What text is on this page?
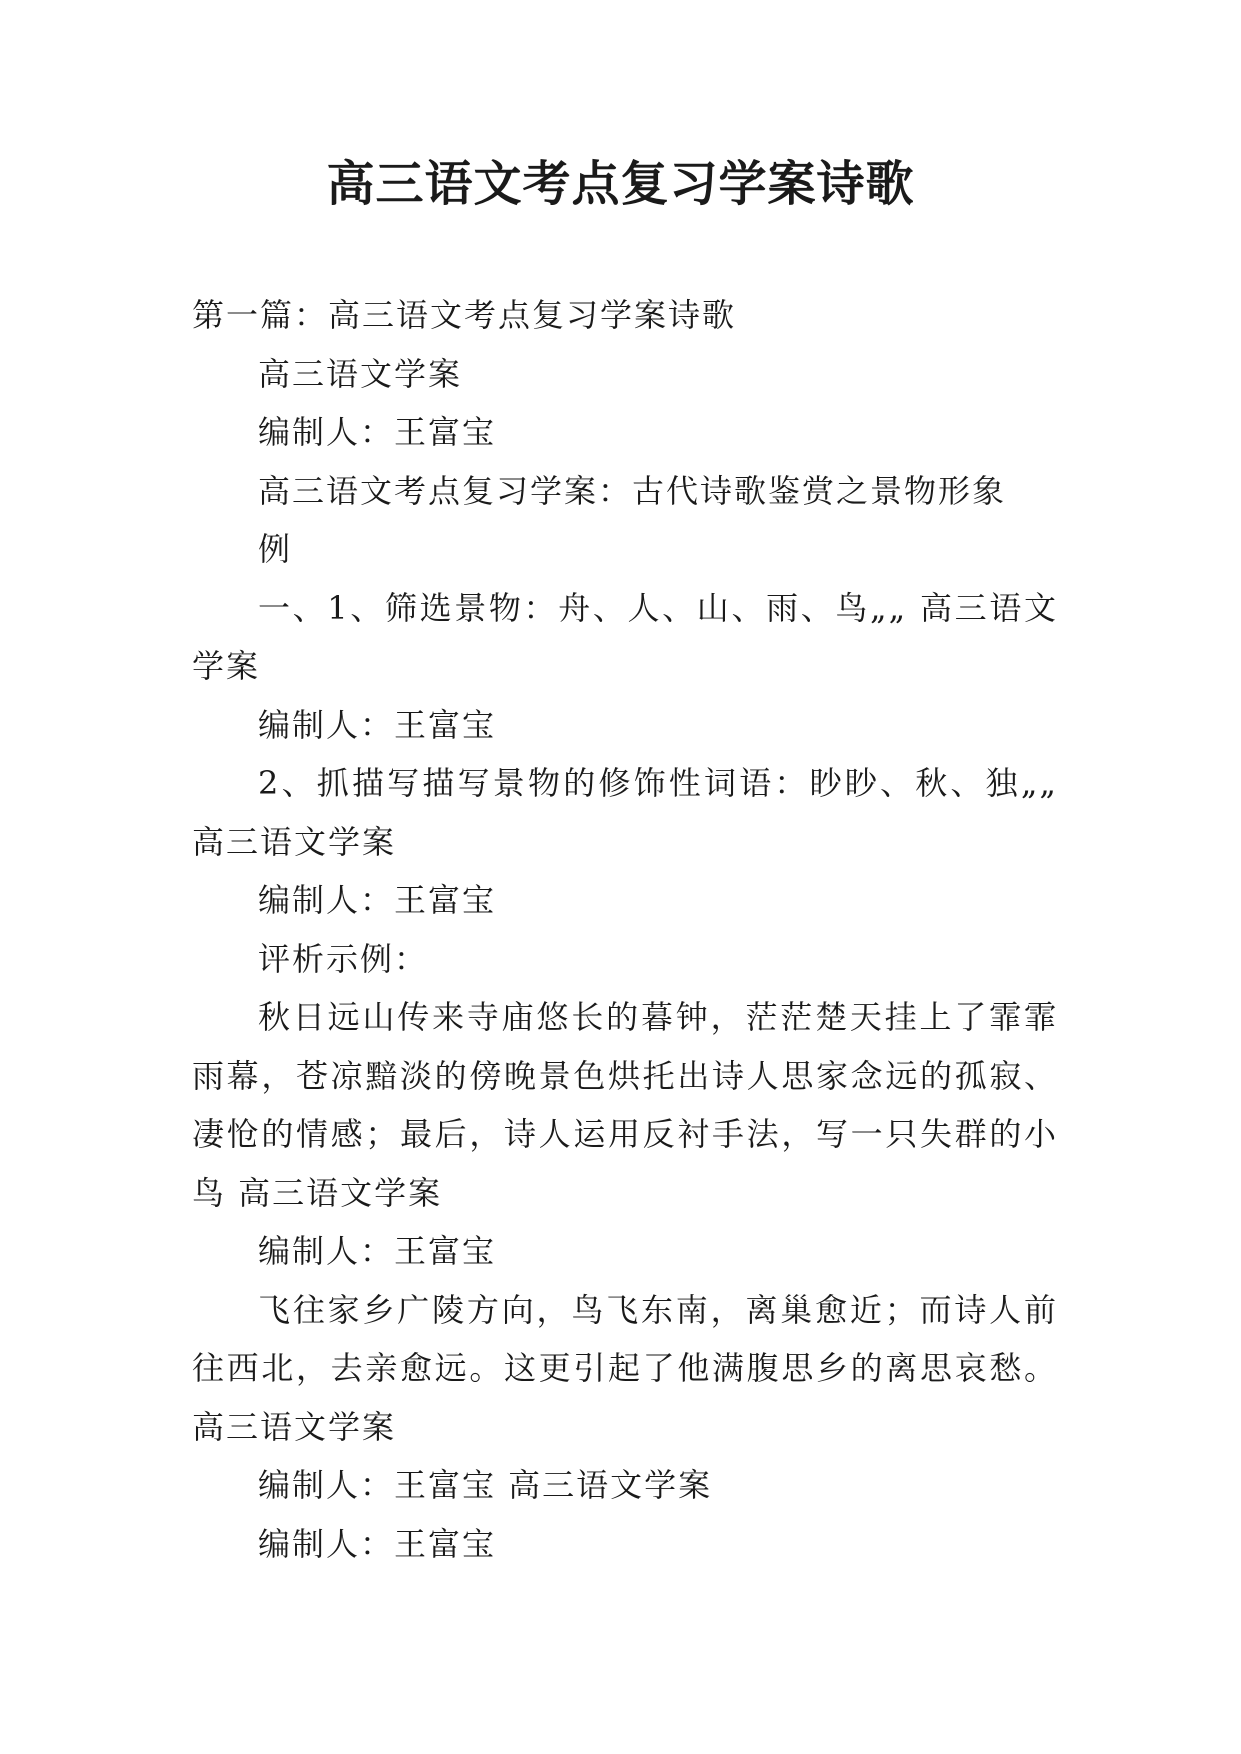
高三语文考点复习学案诗歌

第一篇：高三语文考点复习学案诗歌

高三语文学案

编制人：王富宝

高三语文考点复习学案：古代诗歌鉴赏之景物形象

例

一、1、筛选景物：舟、人、山、雨、鸟„„ 高三语文学案

编制人：王富宝

2、抓描写描写景物的修饰性词语：眇眇、秋、独„„ 高三语文学案

编制人：王富宝

评析示例：

秋日远山传来寺庙悠长的暮钟，茫茫楚天挂上了霏霏雨幕，苍凉黯淡的傍晚景色烘托出诗人思家念远的孤寂、凄怆的情感；最后，诗人运用反衬手法，写一只失群的小鸟 高三语文学案

编制人：王富宝

飞往家乡广陵方向，鸟飞东南，离巢愈近；而诗人前往西北，去亲愈远。这更引起了他满腹思乡的离思哀愁。高三语文学案

编制人：王富宝 高三语文学案

编制人：王富宝
